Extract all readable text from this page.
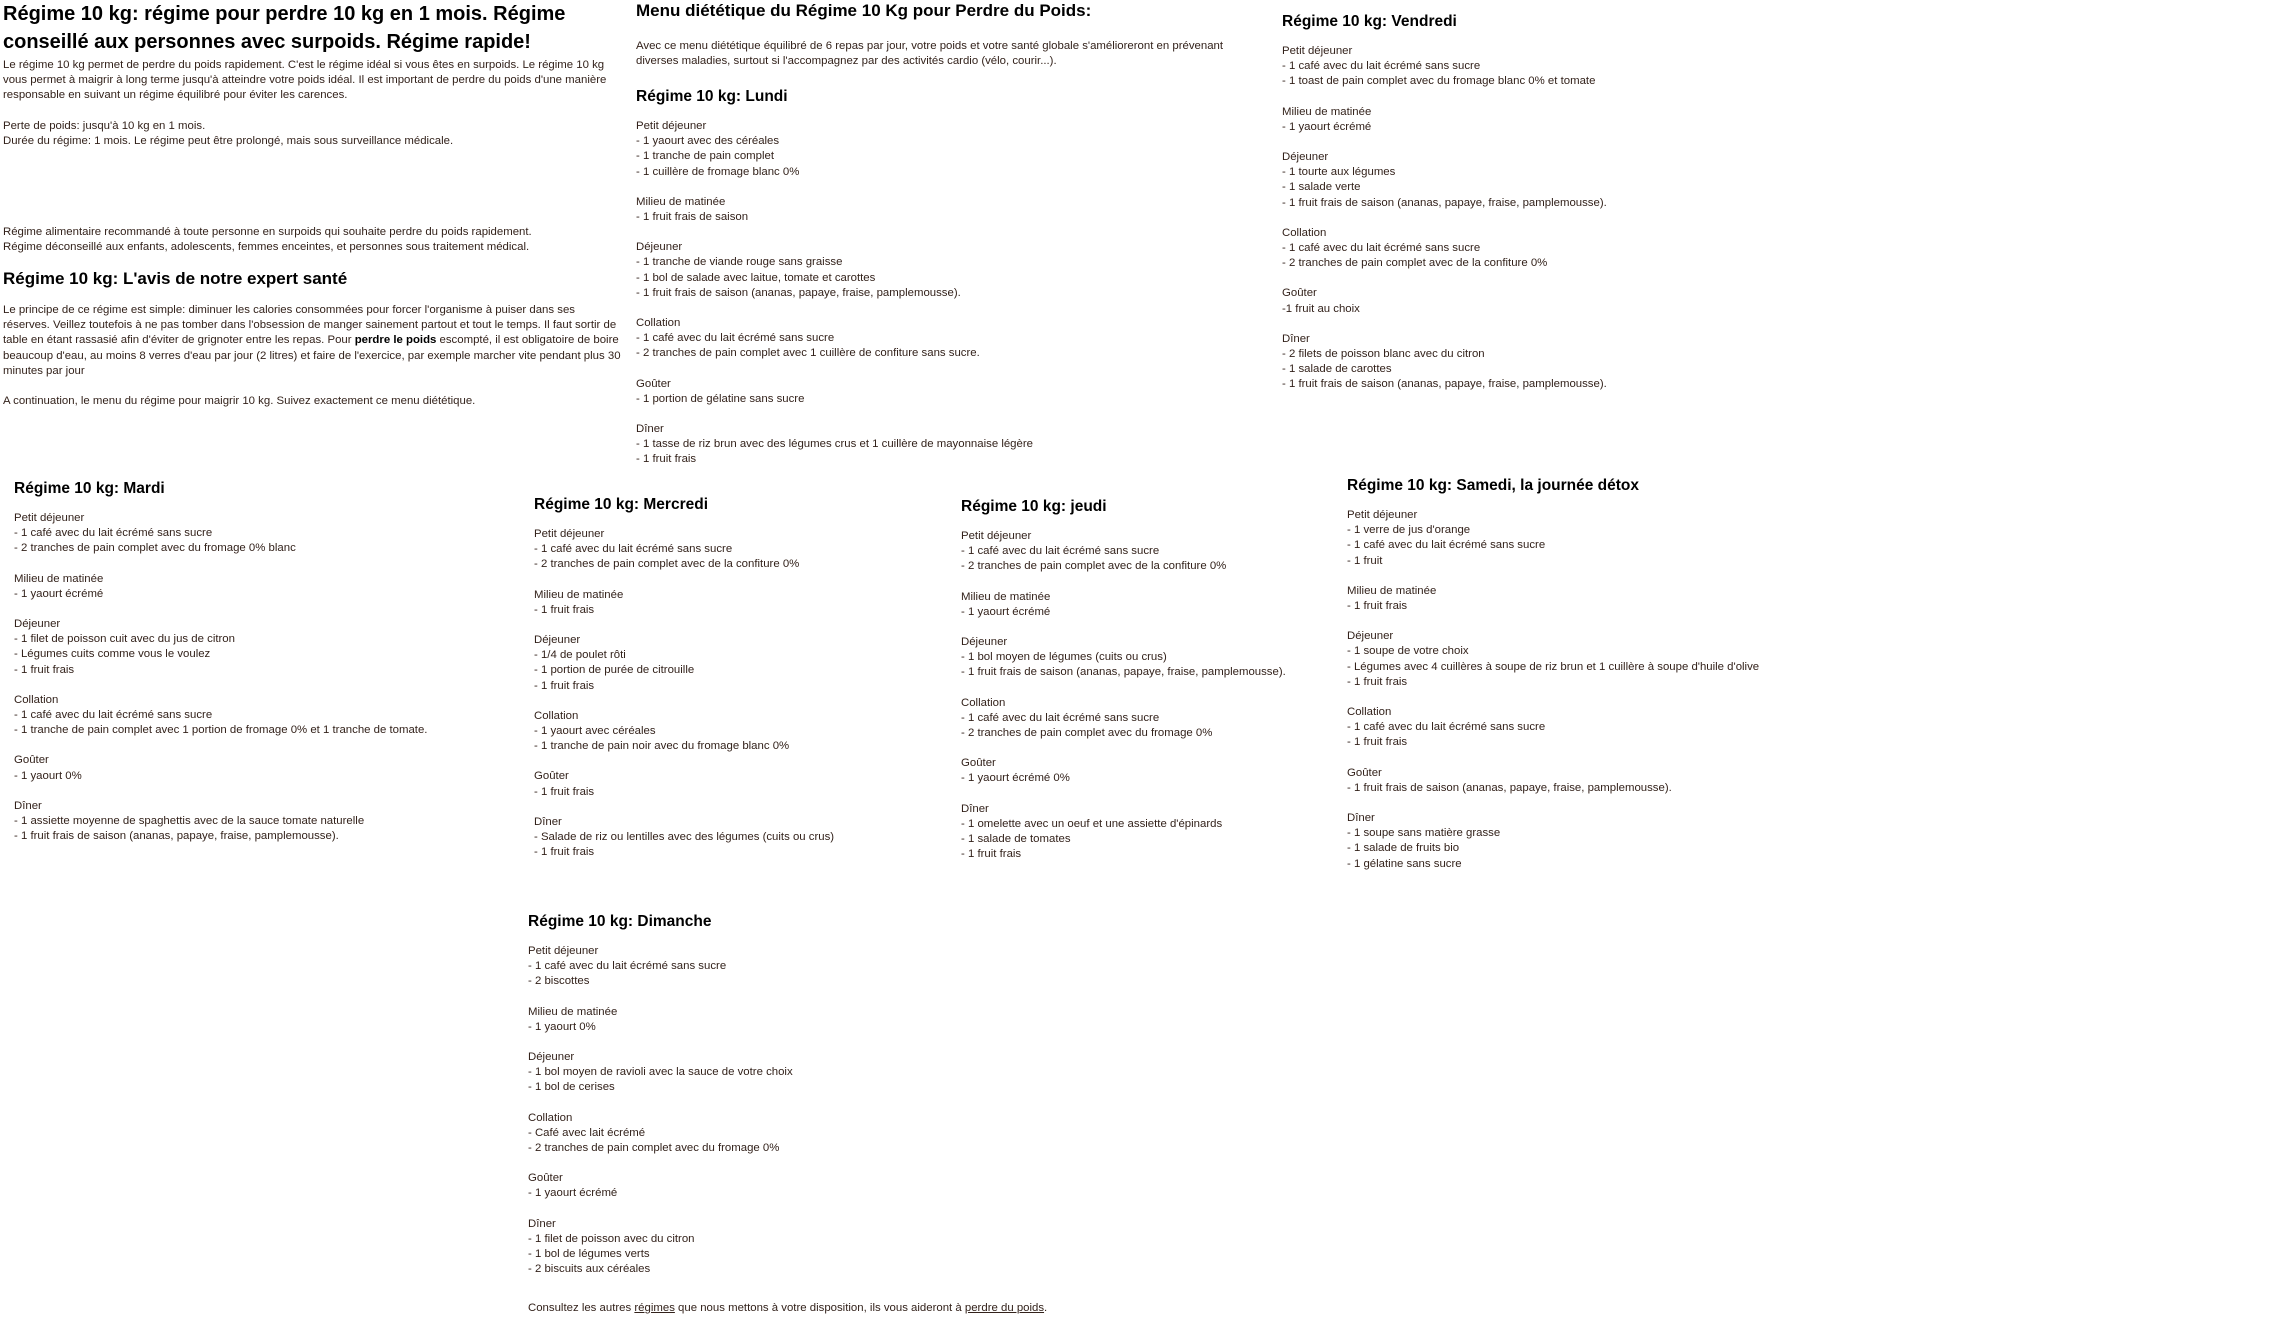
Régime 10 kg: régime pour perdre 10 kg en 1 mois. Régime conseillé aux personnes avec surpoids. Régime rapide!

Le régime 10 kg permet de perdre du poids rapidement. C'est le régime idéal si vous êtes en surpoids. Le régime 10 kg vous permet à maigrir à long terme jusqu'à atteindre votre poids idéal. Il est important de perdre du poids d'une manière responsable en suivant un régime équilibré pour éviter les carences.

Perte de poids: jusqu'à 10 kg en 1 mois.

Durée du régime: 1 mois. Le régime peut être prolongé, mais sous surveillance médicale.

Régime alimentaire recommandé à toute personne en surpoids qui souhaite perdre du poids rapidement.

Régime déconseillé aux enfants, adolescents, femmes enceintes, et personnes sous traitement médical.

Régime 10 kg: L'avis de notre expert santé

Le principe de ce régime est simple: diminuer les calories consommées pour forcer l'organisme à puiser dans ses réserves. Veillez toutefois à ne pas tomber dans l'obsession de manger sainement partout et tout le temps. Il faut sortir de table en étant rassasié afin d'éviter de grignoter entre les repas. Pour perdre le poids escompté, il est obligatoire de boire beaucoup d'eau, au moins 8 verres d'eau par jour (2 litres) et faire de l'exercice, par exemple marcher vite pendant plus 30 minutes par jour

A continuation, le menu du régime pour maigrir 10 kg. Suivez exactement ce menu diététique.

Menu diététique du Régime 10 Kg pour Perdre du Poids:

Avec ce menu diététique équilibré de 6 repas par jour, votre poids et votre santé globale s'amélioreront en prévenant diverses maladies, surtout si l'accompagnez par des activités cardio (vélo, courir...).

Régime 10 kg: Lundi
Petit déjeuner
- 1 yaourt avec des céréales
- 1 tranche de pain complet
- 1 cuillère de fromage blanc 0%
Milieu de matinée
- 1 fruit frais de saison
Déjeuner
- 1 tranche de viande rouge sans graisse
- 1 bol de salade avec laitue, tomate et carottes
- 1 fruit frais de saison (ananas, papaye, fraise, pamplemousse).
Collation
- 1 café avec du lait écrémé sans sucre
- 2 tranches de pain complet avec 1 cuillère de confiture sans sucre.
Goûter
- 1 portion de gélatine sans sucre
Dîner
- 1 tasse de riz brun avec des légumes crus et 1 cuillère de mayonnaise légère
- 1 fruit frais
Régime 10 kg: Vendredi
Petit déjeuner
- 1 café avec du lait écrémé sans sucre
- 1 toast de pain complet avec du fromage blanc 0% et tomate
Milieu de matinée
- 1 yaourt écrémé
Déjeuner
- 1 tourte aux légumes
- 1 salade verte
- 1 fruit frais de saison (ananas, papaye, fraise, pamplemousse).
Collation
- 1 café avec du lait écrémé sans sucre
- 2 tranches de pain complet avec de la confiture 0%
Goûter
-1 fruit au choix
Dîner
- 2 filets de poisson blanc avec du citron
- 1 salade de carottes
- 1 fruit frais de saison (ananas, papaye, fraise, pamplemousse).
Régime 10 kg: Mardi
Petit déjeuner
- 1 café avec du lait écrémé sans sucre
- 2 tranches de pain complet avec du fromage 0% blanc
Milieu de matinée
- 1 yaourt écrémé
Déjeuner
- 1 filet de poisson cuit avec du jus de citron
- Légumes cuits comme vous le voulez
- 1 fruit frais
Collation
- 1 café avec du lait écrémé sans sucre
- 1 tranche de pain complet avec 1 portion de fromage 0% et 1 tranche de tomate.
Goûter
- 1 yaourt 0%
Dîner
- 1 assiette moyenne de spaghettis avec de la sauce tomate naturelle
- 1 fruit frais de saison (ananas, papaye, fraise, pamplemousse).
Régime 10 kg: Mercredi
Petit déjeuner
- 1 café avec du lait écrémé sans sucre
- 2 tranches de pain complet avec de la confiture 0%
Milieu de matinée
- 1 fruit frais
Déjeuner
- 1/4 de poulet rôti
- 1 portion de purée de citrouille
- 1 fruit frais
Collation
- 1 yaourt avec céréales
- 1 tranche de pain noir avec du fromage blanc 0%
Goûter
- 1 fruit frais
Dîner
- Salade de riz ou lentilles avec des légumes (cuits ou crus)
- 1 fruit frais
Régime 10 kg: jeudi
Petit déjeuner
- 1 café avec du lait écrémé sans sucre
- 2 tranches de pain complet avec de la confiture 0%
Milieu de matinée
- 1 yaourt écrémé
Déjeuner
- 1 bol moyen de légumes (cuits ou crus)
- 1 fruit frais de saison (ananas, papaye, fraise, pamplemousse).
Collation
- 1 café avec du lait écrémé sans sucre
- 2 tranches de pain complet avec du fromage 0%
Goûter
- 1 yaourt écrémé 0%
Dîner
- 1 omelette avec un oeuf et une assiette d'épinards
- 1 salade de tomates
- 1 fruit frais
Régime 10 kg: Samedi, la journée détox
Petit déjeuner
- 1 verre de jus d'orange
- 1 café avec du lait écrémé sans sucre
- 1 fruit
Milieu de matinée
- 1 fruit frais
Déjeuner
- 1 soupe de votre choix
- Légumes avec 4 cuillères à soupe de riz brun et 1 cuillère à soupe d'huile d'olive
- 1 fruit frais
Collation
- 1 café avec du lait écrémé sans sucre
- 1 fruit frais
Goûter
- 1 fruit frais de saison (ananas, papaye, fraise, pamplemousse).
Dîner
- 1 soupe sans matière grasse
- 1 salade de fruits bio
- 1 gélatine sans sucre
Régime 10 kg: Dimanche
Petit déjeuner
- 1 café avec du lait écrémé sans sucre
- 2 biscottes
Milieu de matinée
- 1 yaourt 0%
Déjeuner
- 1 bol moyen de ravioli avec la sauce de votre choix
- 1 bol de cerises
Collation
- Café avec lait écrémé
- 2 tranches de pain complet avec du fromage 0%
Goûter
- 1 yaourt écrémé
Dîner
- 1 filet de poisson avec du citron
- 1 bol de légumes verts
- 2 biscuits aux céréales
Consultez les autres régimes que nous mettons à votre disposition, ils vous aideront à perdre du poids.
